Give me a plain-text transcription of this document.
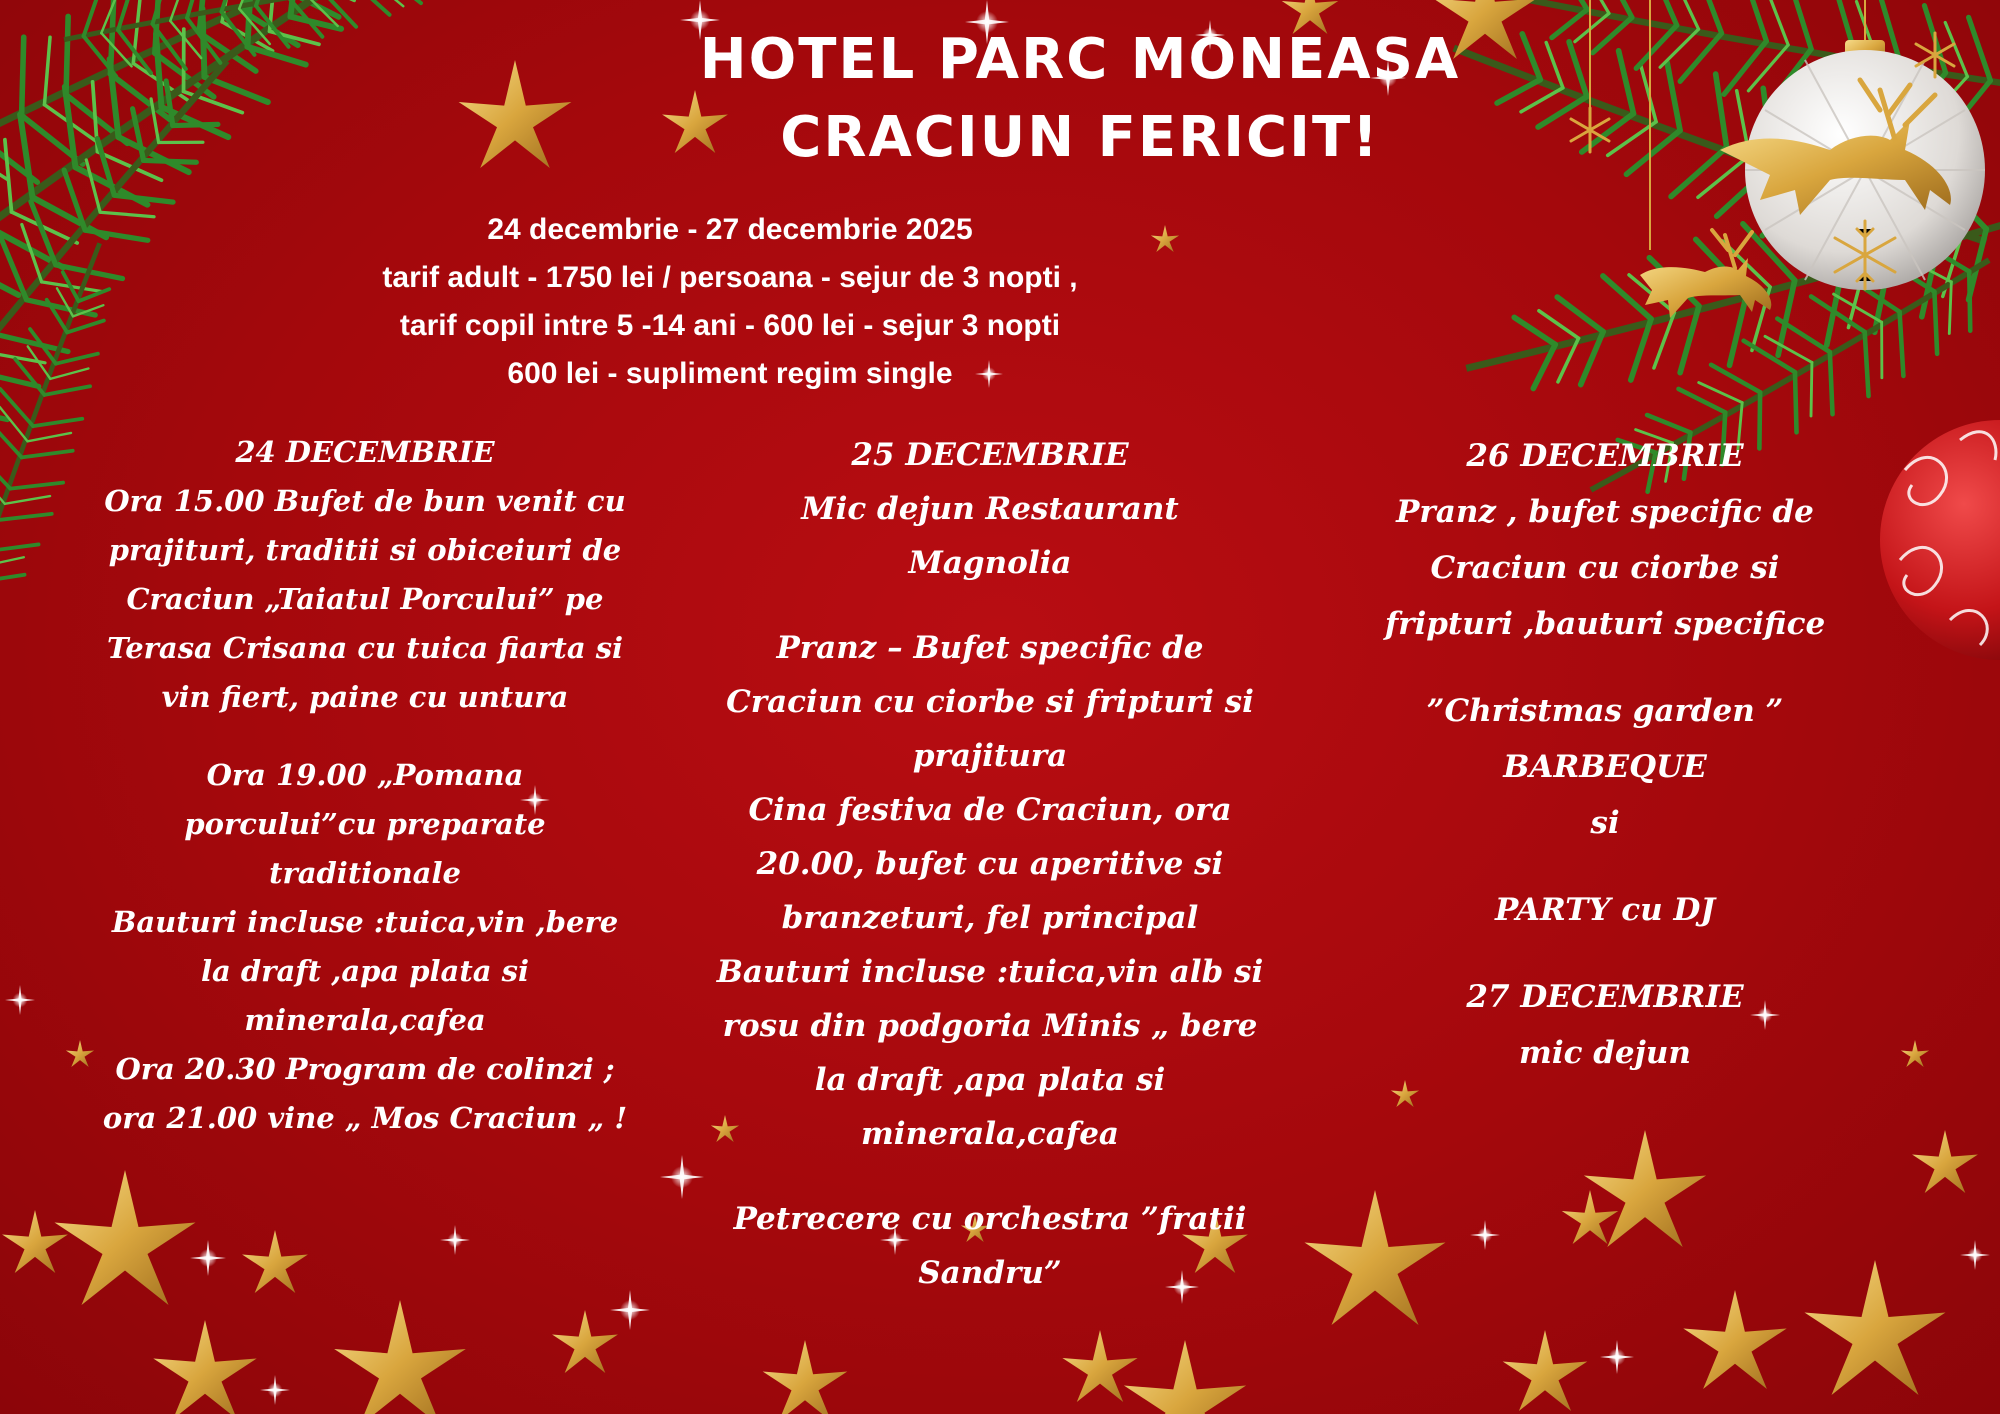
HOTEL PARC MONEASA
CRACIUN FERICIT!
24 decembrie - 27 decembrie 2025
tarif adult - 1750 lei / persoana - sejur de 3 nopti ,
tarif copil intre 5 -14 ani - 600 lei - sejur 3 nopti
600 lei - supliment regim single
24 DECEMBRIE
Ora 15.00 Bufet de bun venit cu
prajituri, traditii si obiceiuri de
Craciun „Taiatul Porcului” pe
Terasa Crisana cu tuica fiarta si
vin fiert, paine cu untura
Ora 19.00 „Pomana
porcului”cu preparate
traditionale
Bauturi incluse :tuica,vin ,bere
la draft ,apa plata si
minerala,cafea
Ora 20.30 Program de colinzi ;
ora 21.00 vine „ Mos Craciun „ !
25 DECEMBRIE
Mic dejun Restaurant
Magnolia
Pranz – Bufet specific de
Craciun cu ciorbe si fripturi si
prajitura
Cina festiva de Craciun, ora
20.00, bufet cu aperitive si
branzeturi, fel principal
Bauturi incluse :tuica,vin alb si
rosu din podgoria Minis „ bere
la draft ,apa plata si
minerala,cafea
Petrecere cu orchestra ”fratii
Sandru”
26 DECEMBRIE
Pranz , bufet specific de
Craciun cu ciorbe si
fripturi ,bauturi specifice
”Christmas garden ”
BARBEQUE
si
PARTY cu DJ
27 DECEMBRIE
mic dejun
